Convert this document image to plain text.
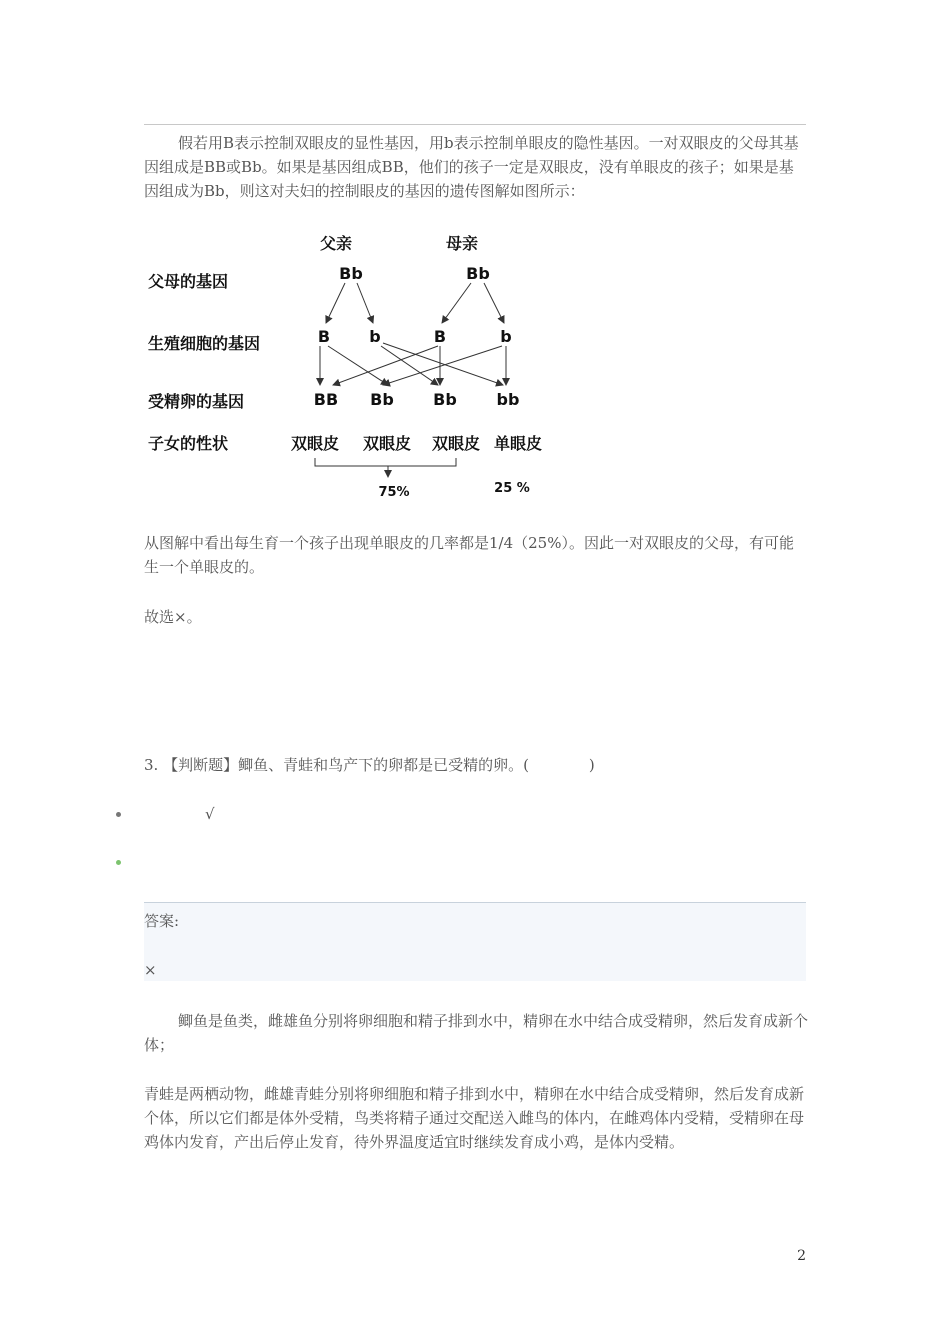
假若用B表示控制双眼皮的显性基因，用b表示控制单眼皮的隐性基因。一对双眼皮的父母其基因组成是BB或Bb。如果是基因组成BB，他们的孩子一定是双眼皮，没有单眼皮的孩子；如果是基因组成为Bb，则这对夫妇的控制眼皮的基因的遗传图解如图所示：
父亲	母亲
父母的基因
生殖细胞的基因
受精卵的基因
子女的性状
Bb	Bb
B b	B	b
BB Bb Bb bb
双眼皮 双眼皮 双眼皮 单眼皮
75%	25 %
从图解中看出每生育一个孩子出现单眼皮的几率都是1/4（25%）。因此一对双眼皮的父母，有可能生一个单眼皮的。
故选×。
3. 【判断题】鲫鱼、青蛙和鸟产下的卵都是已受精的卵。(　　　　)
√
答案:
×
鲫鱼是鱼类，雌雄鱼分别将卵细胞和精子排到水中，精卵在水中结合成受精卵，然后发育成新个体；
青蛙是两栖动物，雌雄青蛙分别将卵细胞和精子排到水中，精卵在水中结合成受精卵，然后发育成新个体，所以它们都是体外受精，鸟类将精子通过交配送入雌鸟的体内，在雌鸡体内受精，受精卵在母鸡体内发育，产出后停止发育，待外界温度适宜时继续发育成小鸡，是体内受精。
2
